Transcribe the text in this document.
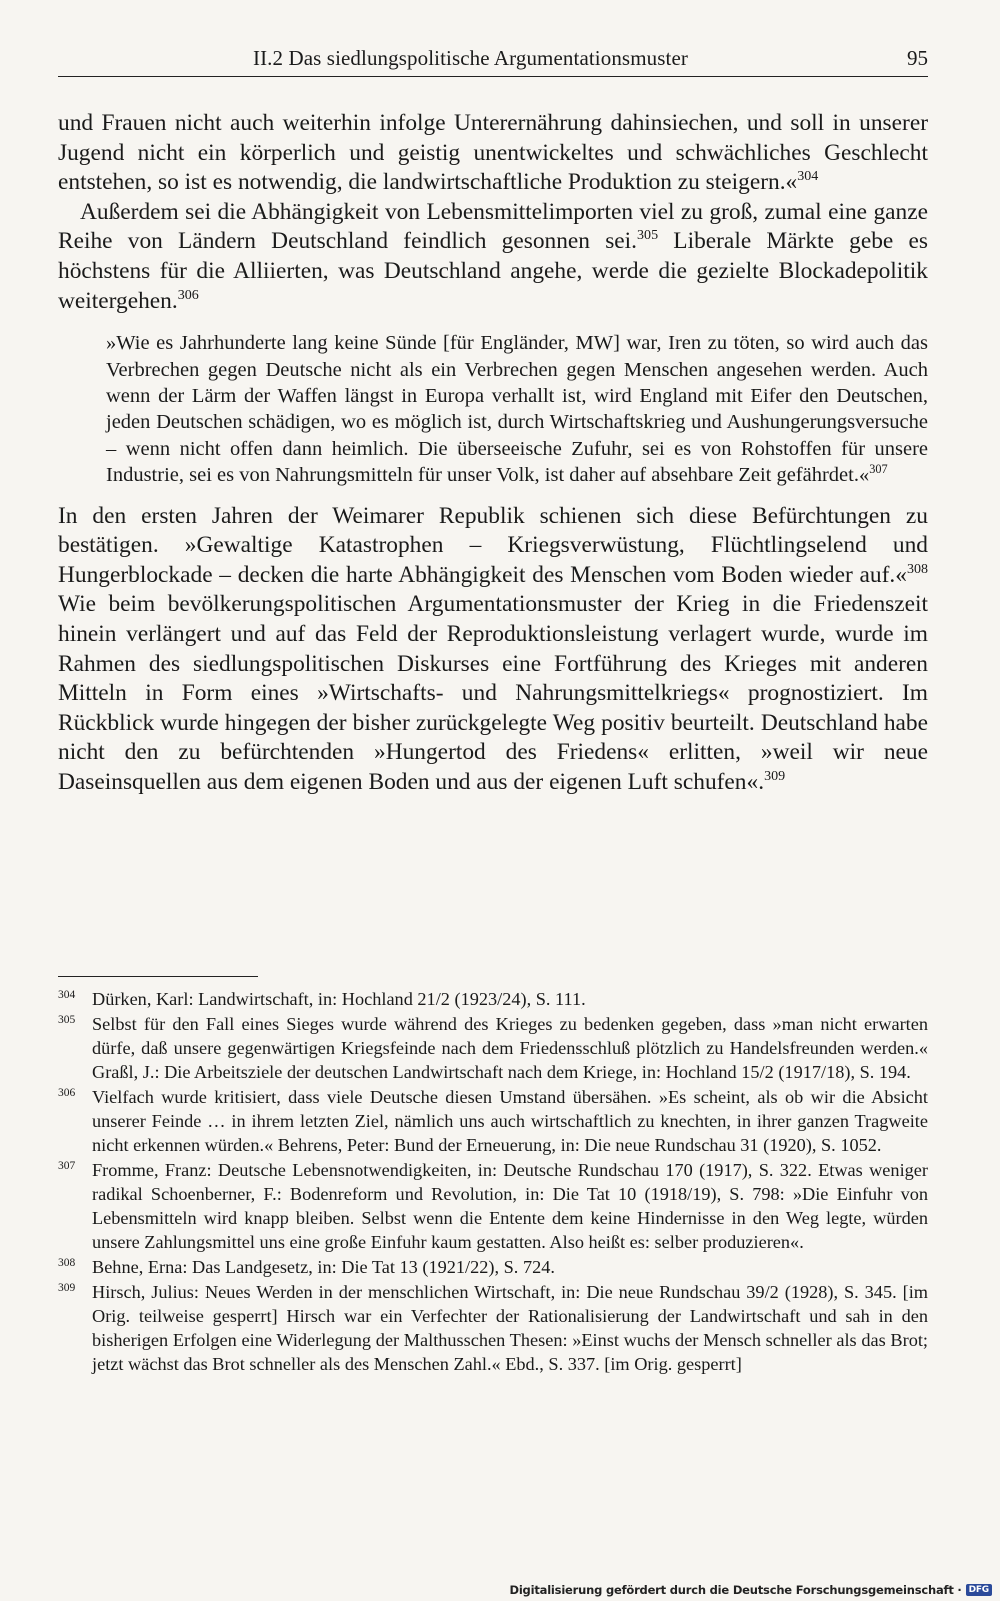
II.2 Das siedlungspolitische Argumentationsmuster	95

und Frauen nicht auch weiterhin infolge Unterernährung dahinsiechen, und soll in unserer Jugend nicht ein körperlich und geistig unentwickeltes und schwächliches Geschlecht entstehen, so ist es notwendig, die landwirtschaftliche Produktion zu steigern.«$^{304}$

Außerdem sei die Abhängigkeit von Lebensmittelimporten viel zu groß, zumal eine ganze Reihe von Ländern Deutschland feindlich gesonnen sei.$^{305}$ Liberale Märkte gebe es höchstens für die Alliierten, was Deutschland angehe, werde die gezielte Blockadepolitik weitergehen.$^{306}$

»Wie es Jahrhunderte lang keine Sünde [für Engländer, MW] war, Iren zu töten, so wird auch das Verbrechen gegen Deutsche nicht als ein Verbrechen gegen Menschen angesehen werden. Auch wenn der Lärm der Waffen längst in Europa verhallt ist, wird England mit Eifer den Deutschen, jeden Deutschen schädigen, wo es möglich ist, durch Wirtschaftskrieg und Aushungerungsversuche – wenn nicht offen dann heimlich. Die überseeische Zufuhr, sei es von Rohstoffen für unsere Industrie, sei es von Nahrungsmitteln für unser Volk, ist daher auf absehbare Zeit gefährdet.«$^{307}$

In den ersten Jahren der Weimarer Republik schienen sich diese Befürchtungen zu bestätigen. »Gewaltige Katastrophen – Kriegsverwüstung, Flüchtlingselend und Hungerblockade – decken die harte Abhängigkeit des Menschen vom Boden wieder auf.«$^{308}$ Wie beim bevölkerungspolitischen Argumentationsmuster der Krieg in die Friedenszeit hinein verlängert und auf das Feld der Reproduktionsleistung verlagert wurde, wurde im Rahmen des siedlungspolitischen Diskurses eine Fortführung des Krieges mit anderen Mitteln in Form eines »Wirtschafts- und Nahrungsmittelkriegs« prognostiziert. Im Rückblick wurde hingegen der bisher zurückgelegte Weg positiv beurteilt. Deutschland habe nicht den zu befürchtenden »Hungertod des Friedens« erlitten, »weil wir neue Daseinsquellen aus dem eigenen Boden und aus der eigenen Luft schufen«.$^{309}$

304 Dürken, Karl: Landwirtschaft, in: Hochland 21/2 (1923/24), S. 111.

305 Selbst für den Fall eines Sieges wurde während des Krieges zu bedenken gegeben, dass »man nicht erwarten dürfe, daß unsere gegenwärtigen Kriegsfeinde nach dem Friedensschluß plötzlich zu Handelsfreunden werden.« Graßl, J.: Die Arbeitsziele der deutschen Landwirtschaft nach dem Kriege, in: Hochland 15/2 (1917/18), S. 194.

306 Vielfach wurde kritisiert, dass viele Deutsche diesen Umstand übersähen. »Es scheint, als ob wir die Absicht unserer Feinde … in ihrem letzten Ziel, nämlich uns auch wirtschaftlich zu knechten, in ihrer ganzen Tragweite nicht erkennen würden.« Behrens, Peter: Bund der Erneuerung, in: Die neue Rundschau 31 (1920), S. 1052.

307 Fromme, Franz: Deutsche Lebensnotwendigkeiten, in: Deutsche Rundschau 170 (1917), S. 322. Etwas weniger radikal Schoenberner, F.: Bodenreform und Revolution, in: Die Tat 10 (1918/19), S. 798: »Die Einfuhr von Lebensmitteln wird knapp bleiben. Selbst wenn die Entente dem keine Hindernisse in den Weg legte, würden unsere Zahlungsmittel uns eine große Einfuhr kaum gestatten. Also heißt es: selber produzieren«.

308 Behne, Erna: Das Landgesetz, in: Die Tat 13 (1921/22), S. 724.

309 Hirsch, Julius: Neues Werden in der menschlichen Wirtschaft, in: Die neue Rundschau 39/2 (1928), S. 345. [im Orig. teilweise gesperrt] Hirsch war ein Verfechter der Rationalisierung der Landwirtschaft und sah in den bisherigen Erfolgen eine Widerlegung der Malthusschen Thesen: »Einst wuchs der Mensch schneller als das Brot; jetzt wächst das Brot schneller als des Menschen Zahl.« Ebd., S. 337. [im Orig. gesperrt]

Digitalisierung gefördert durch die Deutsche Forschungsgemeinschaft · DFG
